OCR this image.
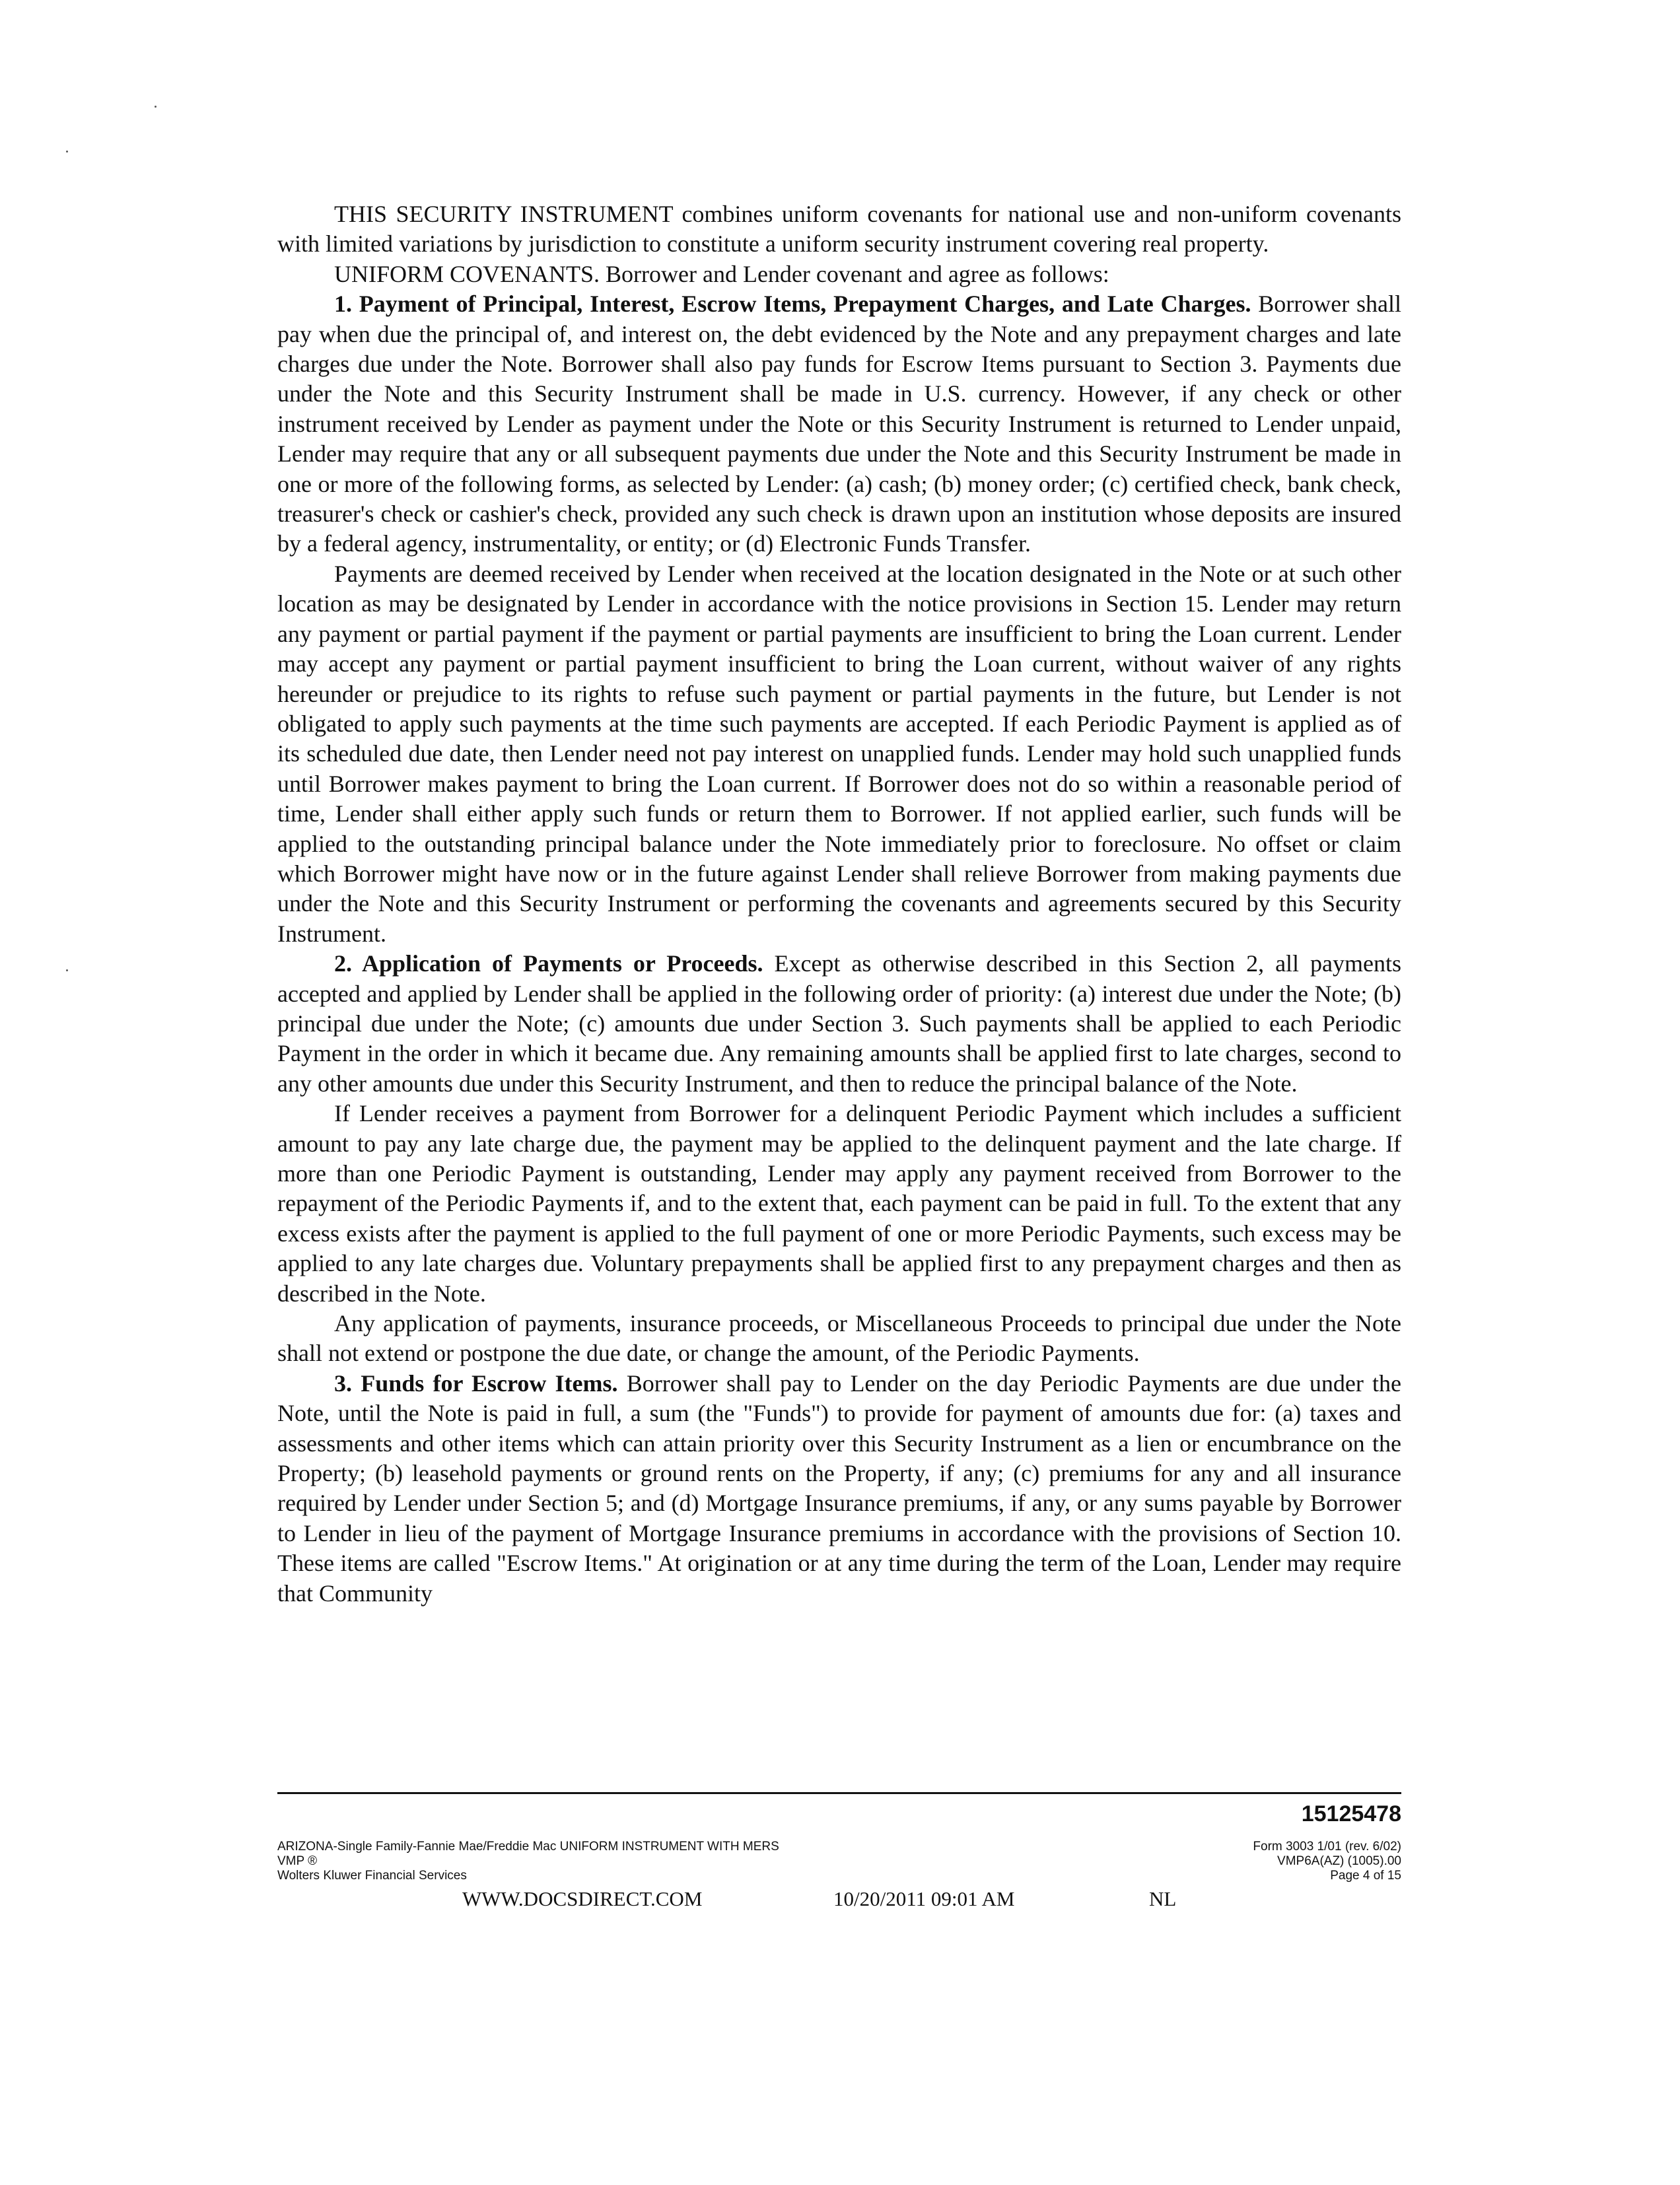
THIS SECURITY INSTRUMENT combines uniform covenants for national use and non-uniform covenants with limited variations by jurisdiction to constitute a uniform security instrument covering real property.

UNIFORM COVENANTS. Borrower and Lender covenant and agree as follows:

1. Payment of Principal, Interest, Escrow Items, Prepayment Charges, and Late Charges. Borrower shall pay when due the principal of, and interest on, the debt evidenced by the Note and any prepayment charges and late charges due under the Note. Borrower shall also pay funds for Escrow Items pursuant to Section 3. Payments due under the Note and this Security Instrument shall be made in U.S. currency. However, if any check or other instrument received by Lender as payment under the Note or this Security Instrument is returned to Lender unpaid, Lender may require that any or all subsequent payments due under the Note and this Security Instrument be made in one or more of the following forms, as selected by Lender: (a) cash; (b) money order; (c) certified check, bank check, treasurer's check or cashier's check, provided any such check is drawn upon an institution whose deposits are insured by a federal agency, instrumentality, or entity; or (d) Electronic Funds Transfer.

Payments are deemed received by Lender when received at the location designated in the Note or at such other location as may be designated by Lender in accordance with the notice provisions in Section 15. Lender may return any payment or partial payment if the payment or partial payments are insufficient to bring the Loan current. Lender may accept any payment or partial payment insufficient to bring the Loan current, without waiver of any rights hereunder or prejudice to its rights to refuse such payment or partial payments in the future, but Lender is not obligated to apply such payments at the time such payments are accepted. If each Periodic Payment is applied as of its scheduled due date, then Lender need not pay interest on unapplied funds. Lender may hold such unapplied funds until Borrower makes payment to bring the Loan current. If Borrower does not do so within a reasonable period of time, Lender shall either apply such funds or return them to Borrower. If not applied earlier, such funds will be applied to the outstanding principal balance under the Note immediately prior to foreclosure. No offset or claim which Borrower might have now or in the future against Lender shall relieve Borrower from making payments due under the Note and this Security Instrument or performing the covenants and agreements secured by this Security Instrument.

2. Application of Payments or Proceeds. Except as otherwise described in this Section 2, all payments accepted and applied by Lender shall be applied in the following order of priority: (a) interest due under the Note; (b) principal due under the Note; (c) amounts due under Section 3. Such payments shall be applied to each Periodic Payment in the order in which it became due. Any remaining amounts shall be applied first to late charges, second to any other amounts due under this Security Instrument, and then to reduce the principal balance of the Note.

If Lender receives a payment from Borrower for a delinquent Periodic Payment which includes a sufficient amount to pay any late charge due, the payment may be applied to the delinquent payment and the late charge. If more than one Periodic Payment is outstanding, Lender may apply any payment received from Borrower to the repayment of the Periodic Payments if, and to the extent that, each payment can be paid in full. To the extent that any excess exists after the payment is applied to the full payment of one or more Periodic Payments, such excess may be applied to any late charges due. Voluntary prepayments shall be applied first to any prepayment charges and then as described in the Note.

Any application of payments, insurance proceeds, or Miscellaneous Proceeds to principal due under the Note shall not extend or postpone the due date, or change the amount, of the Periodic Payments.

3. Funds for Escrow Items. Borrower shall pay to Lender on the day Periodic Payments are due under the Note, until the Note is paid in full, a sum (the "Funds") to provide for payment of amounts due for: (a) taxes and assessments and other items which can attain priority over this Security Instrument as a lien or encumbrance on the Property; (b) leasehold payments or ground rents on the Property, if any; (c) premiums for any and all insurance required by Lender under Section 5; and (d) Mortgage Insurance premiums, if any, or any sums payable by Borrower to Lender in lieu of the payment of Mortgage Insurance premiums in accordance with the provisions of Section 10. These items are called "Escrow Items." At origination or at any time during the term of the Loan, Lender may require that Community

15125478
ARIZONA-Single Family-Fannie Mae/Freddie Mac UNIFORM INSTRUMENT WITH MERS
VMP ®
Wolters Kluwer Financial Services
Form 3003 1/01 (rev. 6/02)
VMP6A(AZ) (1005).00
Page 4 of 15
WWW.DOCSDIRECT.COM	10/20/2011 09:01 AM	NL
